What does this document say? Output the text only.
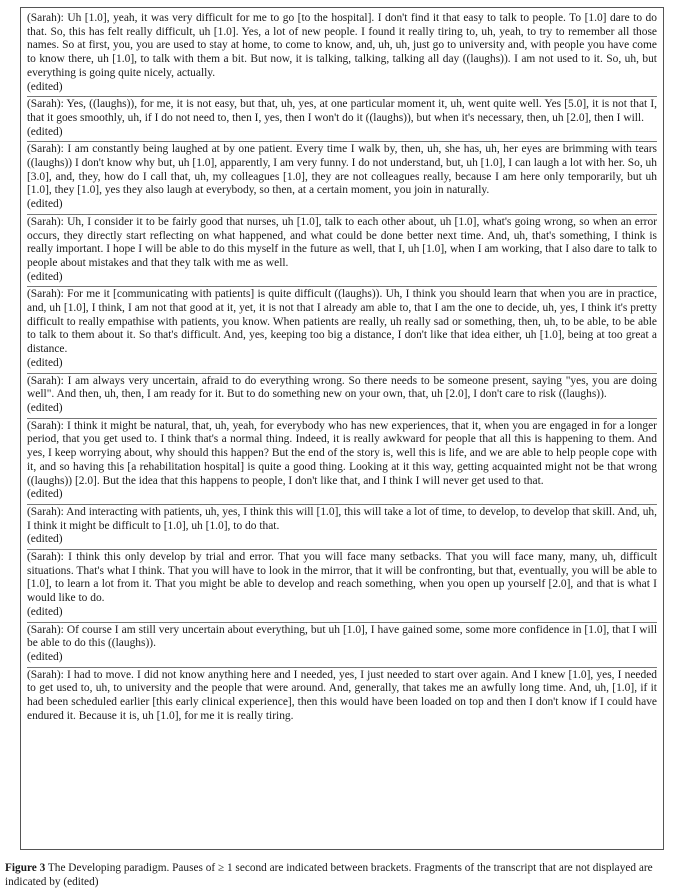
(Sarah): Uh [1.0], yeah, it was very difficult for me to go [to the hospital]. I don't find it that easy to talk to people. To [1.0] dare to do that. So, this has felt really difficult, uh [1.0]. Yes, a lot of new people. I found it really tiring to, uh, yeah, to try to remember all those names. So at first, you, you are used to stay at home, to come to know, and, uh, uh, just go to university and, with people you have come to know there, uh [1.0], to talk with them a bit. But now, it is talking, talking, talking all day ((laughs)). I am not used to it. So, uh, but everything is going quite nicely, actually.
(edited)
(Sarah): Yes, ((laughs)), for me, it is not easy, but that, uh, yes, at one particular moment it, uh, went quite well. Yes [5.0], it is not that I, that it goes smoothly, uh, if I do not need to, then I, yes, then I won't do it ((laughs)), but when it's necessary, then, uh [2.0], then I will.
(edited)
(Sarah): I am constantly being laughed at by one patient. Every time I walk by, then, uh, she has, uh, her eyes are brimming with tears ((laughs)) I don't know why but, uh [1.0], apparently, I am very funny. I do not understand, but, uh [1.0], I can laugh a lot with her. So, uh [3.0], and, they, how do I call that, uh, my colleagues [1.0], they are not colleagues really, because I am here only temporarily, but uh [1.0], they [1.0], yes they also laugh at everybody, so then, at a certain moment, you join in naturally.
(edited)
(Sarah): Uh, I consider it to be fairly good that nurses, uh [1.0], talk to each other about, uh [1.0], what's going wrong, so when an error occurs, they directly start reflecting on what happened, and what could be done better next time. And, uh, that's something, I think is really important. I hope I will be able to do this myself in the future as well, that I, uh [1.0], when I am working, that I also dare to talk to people about mistakes and that they talk with me as well.
(edited)
(Sarah): For me it [communicating with patients] is quite difficult ((laughs)). Uh, I think you should learn that when you are in practice, and, uh [1.0], I think, I am not that good at it, yet, it is not that I already am able to, that I am the one to decide, uh, yes, I think it's pretty difficult to really empathise with patients, you know. When patients are really, uh really sad or something, then, uh, to be able, to be able to talk to them about it. So that's difficult. And, yes, keeping too big a distance, I don't like that idea either, uh [1.0], being at too great a distance.
(edited)
(Sarah): I am always very uncertain, afraid to do everything wrong. So there needs to be someone present, saying "yes, you are doing well". And then, uh, then, I am ready for it. But to do something new on your own, that, uh [2.0], I don't care to risk ((laughs)).
(edited)
(Sarah): I think it might be natural, that, uh, yeah, for everybody who has new experiences, that it, when you are engaged in for a longer period, that you get used to. I think that's a normal thing. Indeed, it is really awkward for people that all this is happening to them. And yes, I keep worrying about, why should this happen? But the end of the story is, well this is life, and we are able to help people cope with it, and so having this [a rehabilitation hospital] is quite a good thing. Looking at it this way, getting acquainted might not be that wrong ((laughs)) [2.0]. But the idea that this happens to people, I don't like that, and I think I will never get used to that.
(edited)
(Sarah): And interacting with patients, uh, yes, I think this will [1.0], this will take a lot of time, to develop, to develop that skill. And, uh, I think it might be difficult to [1.0], uh [1.0], to do that.
(edited)
(Sarah): I think this only develop by trial and error. That you will face many setbacks. That you will face many, many, uh, difficult situations. That's what I think. That you will have to look in the mirror, that it will be confronting, but that, eventually, you will be able to [1.0], to learn a lot from it. That you might be able to develop and reach something, when you open up yourself [2.0], and that is what I would like to do.
(edited)
(Sarah): Of course I am still very uncertain about everything, but uh [1.0], I have gained some, some more confidence in [1.0], that I will be able to do this ((laughs)).
(edited)
(Sarah): I had to move. I did not know anything here and I needed, yes, I just needed to start over again. And I knew [1.0], yes, I needed to get used to, uh, to university and the people that were around. And, generally, that takes me an awfully long time. And, uh, [1.0], if it had been scheduled earlier [this early clinical experience], then this would have been loaded on top and then I don't know if I could have endured it. Because it is, uh [1.0], for me it is really tiring.

Figure 3 The Developing paradigm. Pauses of ≥ 1 second are indicated between brackets. Fragments of the transcript that are not displayed are indicated by (edited)
